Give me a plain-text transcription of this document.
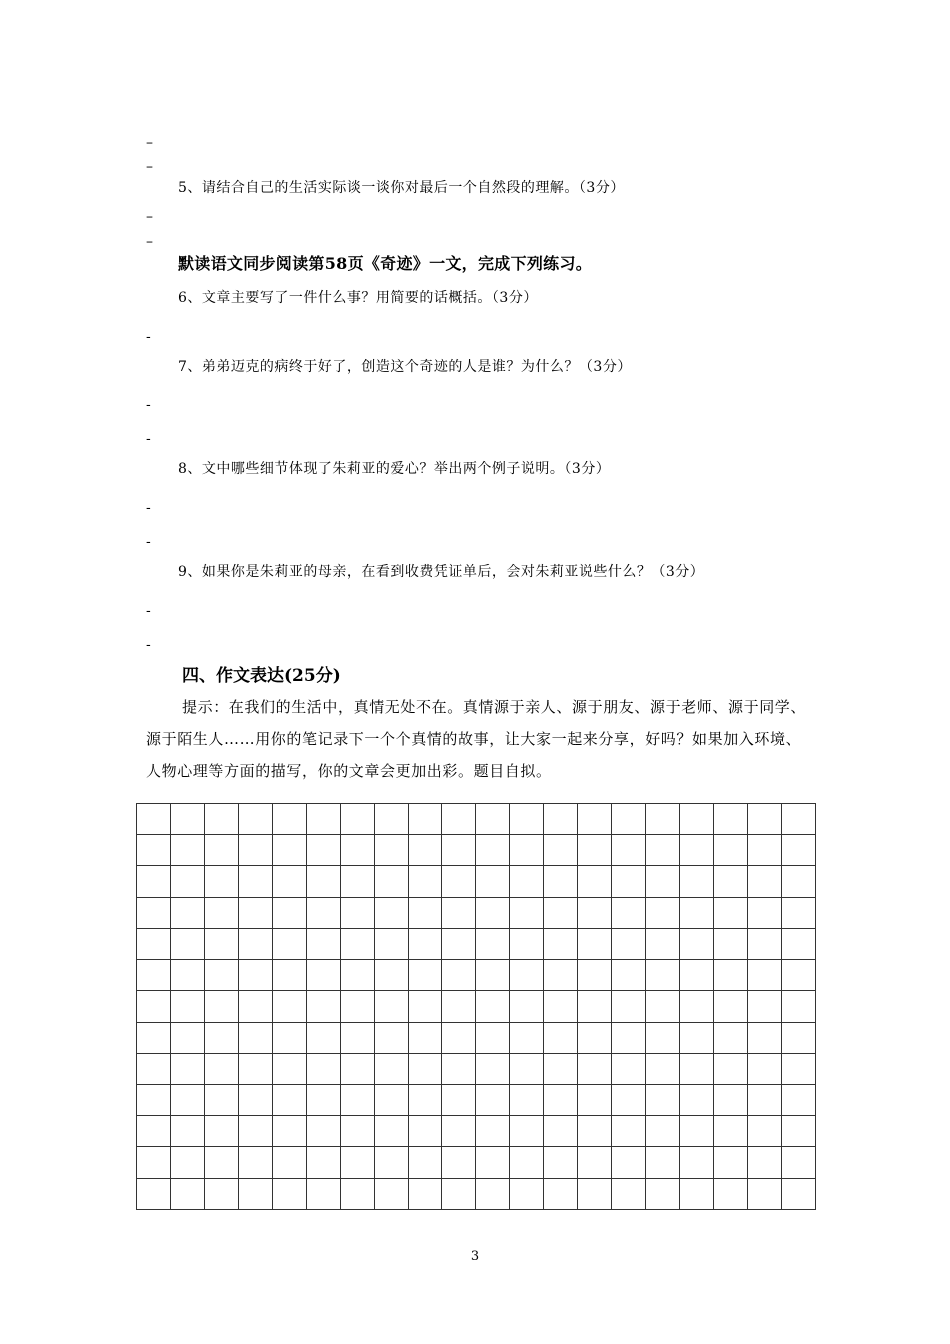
–
–
5、请结合自己的生活实际谈一谈你对最后一个自然段的理解。（3分）
–
–
默读语文同步阅读第58页《奇迹》一文，完成下列练习。
6、文章主要写了一件什么事？用简要的话概括。（3分）
-
7、弟弟迈克的病终于好了，创造这个奇迹的人是谁？为什么？（3分）
-
-
8、文中哪些细节体现了朱莉亚的爱心？举出两个例子说明。（3分）
-
-
9、如果你是朱莉亚的母亲，在看到收费凭证单后，会对朱莉亚说些什么？（3分）
-
-
四、作文表达(25分)
提示：在我们的生活中，真情无处不在。真情源于亲人、源于朋友、源于老师、源于同学、源于陌生人……用你的笔记录下一个个真情的故事，让大家一起来分享，好吗？如果加入环境、人物心理等方面的描写，你的文章会更加出彩。题目自拟。

3
